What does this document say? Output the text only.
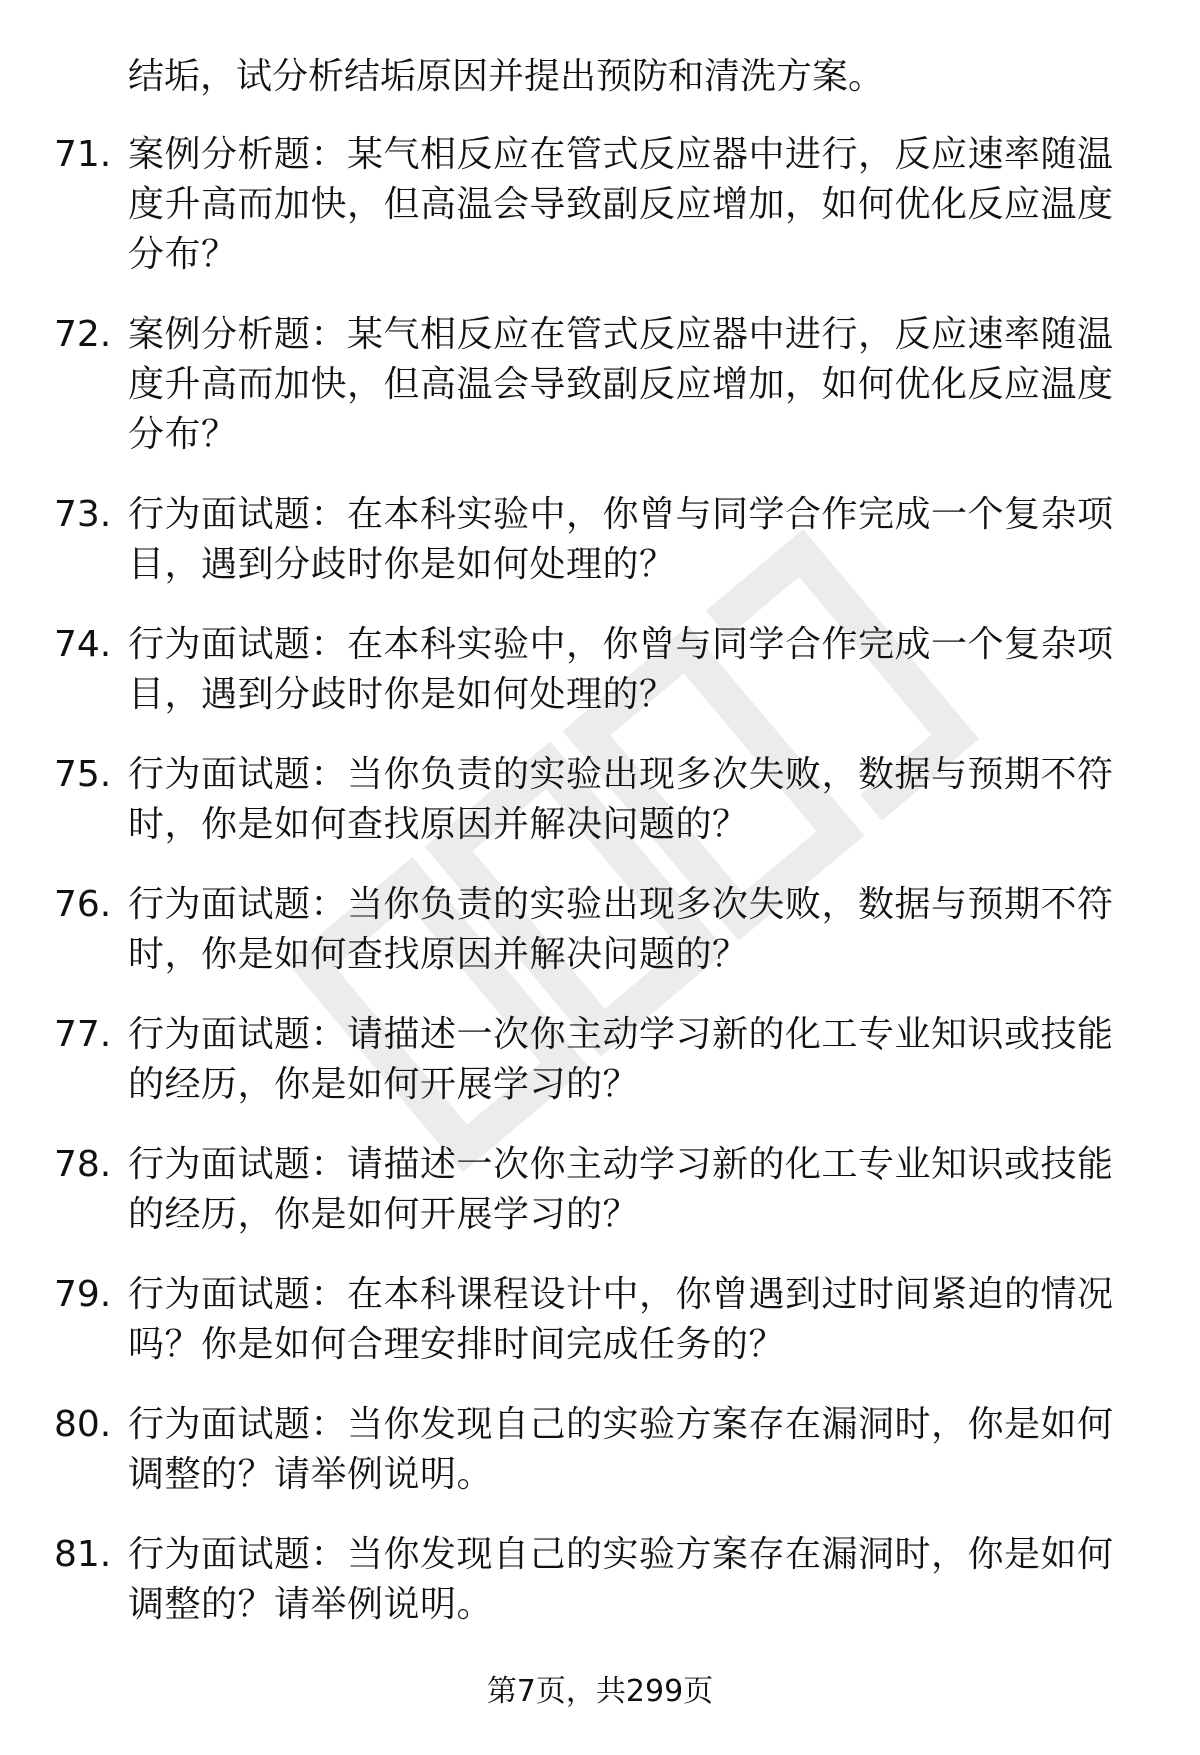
结垢，试分析结垢原因并提出预防和清洗方案。
71. 案例分析题：某气相反应在管式反应器中进行，反应速率随温度升高而加快，但高温会导致副反应增加，如何优化反应温度分布？
72. 案例分析题：某气相反应在管式反应器中进行，反应速率随温度升高而加快，但高温会导致副反应增加，如何优化反应温度分布？
73. 行为面试题：在本科实验中，你曾与同学合作完成一个复杂项目，遇到分歧时你是如何处理的？
74. 行为面试题：在本科实验中，你曾与同学合作完成一个复杂项目，遇到分歧时你是如何处理的？
75. 行为面试题：当你负责的实验出现多次失败，数据与预期不符时，你是如何查找原因并解决问题的？
76. 行为面试题：当你负责的实验出现多次失败，数据与预期不符时，你是如何查找原因并解决问题的？
77. 行为面试题：请描述一次你主动学习新的化工专业知识或技能的经历，你是如何开展学习的？
78. 行为面试题：请描述一次你主动学习新的化工专业知识或技能的经历，你是如何开展学习的？
79. 行为面试题：在本科课程设计中，你曾遇到过时间紧迫的情况吗？你是如何合理安排时间完成任务的？
80. 行为面试题：当你发现自己的实验方案存在漏洞时，你是如何调整的？请举例说明。
81. 行为面试题：当你发现自己的实验方案存在漏洞时，你是如何调整的？请举例说明。
第7页，共299页
